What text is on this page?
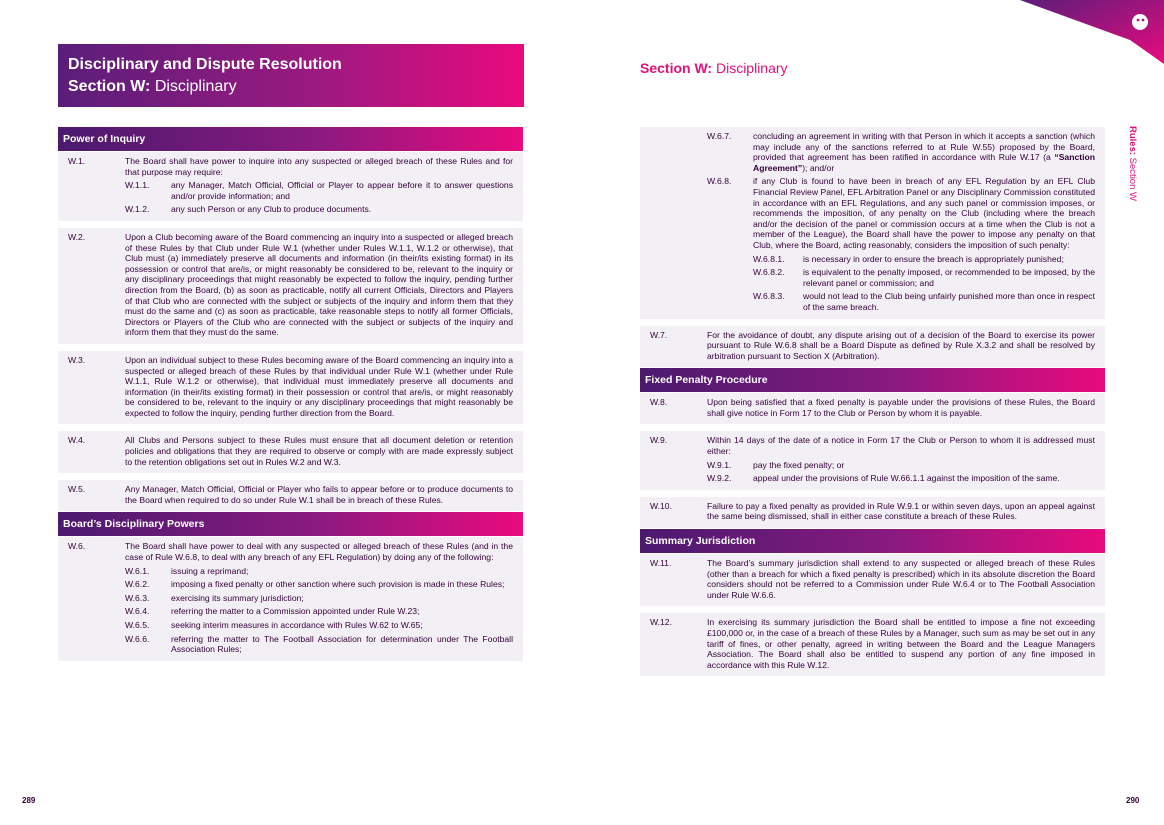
Disciplinary and Dispute Resolution
Section W: Disciplinary
Power of Inquiry
W.1.	The Board shall have power to inquire into any suspected or alleged breach of these Rules and for that purpose may require:
W.1.1.	any Manager, Match Official, Official or Player to appear before it to answer questions and/or provide information; and
W.1.2.	any such Person or any Club to produce documents.
W.2.	Upon a Club becoming aware of the Board commencing an inquiry into a suspected or alleged breach of these Rules by that Club under Rule W.1 (whether under Rules W.1.1, W.1.2 or otherwise), that Club must (a) immediately preserve all documents and information (in their/its existing format) in its possession or control that are/is, or might reasonably be considered to be, relevant to the inquiry or any disciplinary proceedings that might reasonably be expected to follow the inquiry, pending further direction from the Board, (b) as soon as practicable, notify all current Officials, Directors and Players of that Club who are connected with the subject or subjects of the inquiry and inform them that they must do the same and (c) as soon as practicable, take reasonable steps to notify all former Officials, Directors or Players of the Club who are connected with the subject or subjects of the inquiry and inform them that they must do the same.
W.3.	Upon an individual subject to these Rules becoming aware of the Board commencing an inquiry into a suspected or alleged breach of these Rules by that individual under Rule W.1 (whether under Rule W.1.1, Rule W.1.2 or otherwise), that individual must immediately preserve all documents and information (in their/its existing format) in their possession or control that are/is, or might reasonably be considered to be, relevant to the inquiry or any disciplinary proceedings that might reasonably be expected to follow the inquiry, pending further direction from the Board.
W.4.	All Clubs and Persons subject to these Rules must ensure that all document deletion or retention policies and obligations that they are required to observe or comply with are made expressly subject to the retention obligations set out in Rules W.2 and W.3.
W.5.	Any Manager, Match Official, Official or Player who fails to appear before or to produce documents to the Board when required to do so under Rule W.1 shall be in breach of these Rules.
Board’s Disciplinary Powers
W.6.	The Board shall have power to deal with any suspected or alleged breach of these Rules (and in the case of Rule W.6.8, to deal with any breach of any EFL Regulation) by doing any of the following:
W.6.1.	issuing a reprimand;
W.6.2.	imposing a fixed penalty or other sanction where such provision is made in these Rules;
W.6.3.	exercising its summary jurisdiction;
W.6.4.	referring the matter to a Commission appointed under Rule W.23;
W.6.5.	seeking interim measures in accordance with Rules W.62 to W.65;
W.6.6.	referring the matter to The Football Association for determination under The Football Association Rules;
289
Section W: Disciplinary
Rules: Section W
W.6.7.	concluding an agreement in writing with that Person in which it accepts a sanction (which may include any of the sanctions referred to at Rule W.55) proposed by the Board, provided that agreement has been ratified in accordance with Rule W.17 (a “Sanction Agreement”); and/or
W.6.8.	if any Club is found to have been in breach of any EFL Regulation by an EFL Club Financial Review Panel, EFL Arbitration Panel or any Disciplinary Commission constituted in accordance with an EFL Regulations, and any such panel or commission imposes, or recommends the imposition, of any penalty on the Club (including where the breach and/or the decision of the panel or commission occurs at a time when the Club is not a member of the League), the Board shall have the power to impose any penalty on that Club, where the Board, acting reasonably, considers the imposition of such penalty:
W.6.8.1.	is necessary in order to ensure the breach is appropriately punished;
W.6.8.2.	is equivalent to the penalty imposed, or recommended to be imposed, by the relevant panel or commission; and
W.6.8.3.	would not lead to the Club being unfairly punished more than once in respect of the same breach.
W.7.	For the avoidance of doubt, any dispute arising out of a decision of the Board to exercise its power pursuant to Rule W.6.8 shall be a Board Dispute as defined by Rule X.3.2 and shall be resolved by arbitration pursuant to Section X (Arbitration).
Fixed Penalty Procedure
W.8.	Upon being satisfied that a fixed penalty is payable under the provisions of these Rules, the Board shall give notice in Form 17 to the Club or Person by whom it is payable.
W.9.	Within 14 days of the date of a notice in Form 17 the Club or Person to whom it is addressed must either:
W.9.1.	pay the fixed penalty; or
W.9.2.	appeal under the provisions of Rule W.66.1.1 against the imposition of the same.
W.10.	Failure to pay a fixed penalty as provided in Rule W.9.1 or within seven days, upon an appeal against the same being dismissed, shall in either case constitute a breach of these Rules.
Summary Jurisdiction
W.11.	The Board’s summary jurisdiction shall extend to any suspected or alleged breach of these Rules (other than a breach for which a fixed penalty is prescribed) which in its absolute discretion the Board considers should not be referred to a Commission under Rule W.6.4 or to The Football Association under Rule W.6.6.
W.12.	In exercising its summary jurisdiction the Board shall be entitled to impose a fine not exceeding £100,000 or, in the case of a breach of these Rules by a Manager, such sum as may be set out in any tariff of fines, or other penalty, agreed in writing between the Board and the League Managers Association. The Board shall also be entitled to suspend any portion of any fine imposed in accordance with this Rule W.12.
290
